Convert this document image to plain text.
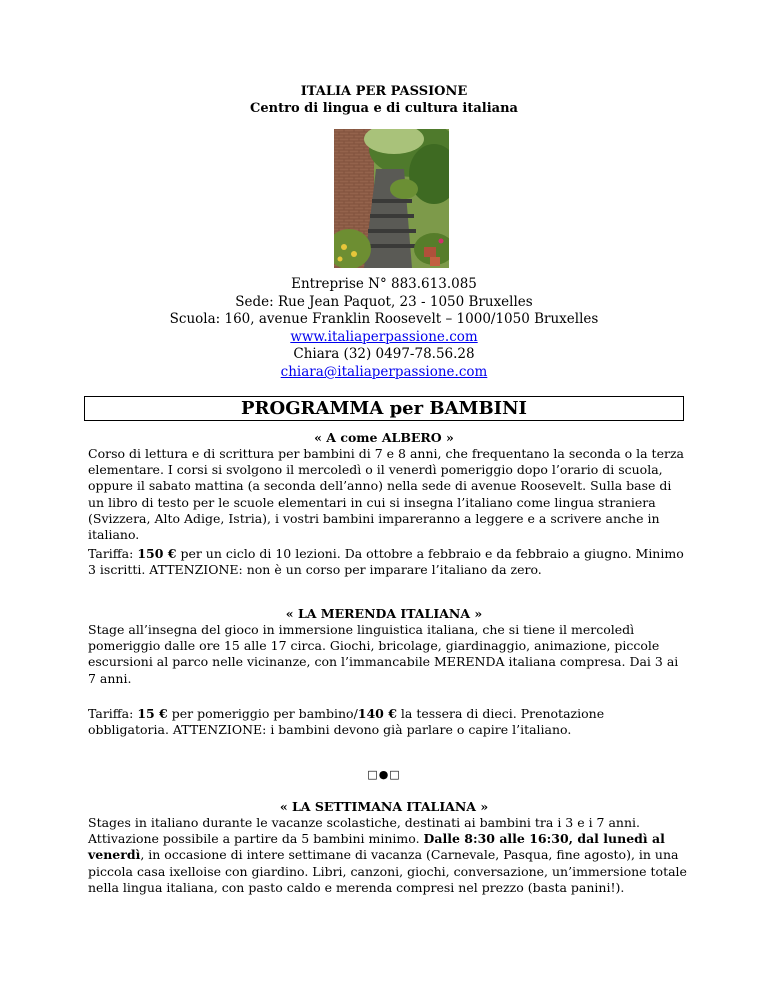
ITALIA PER PASSIONE
Centro di lingua e di cultura italiana
Entreprise N° 883.613.085
Sede: Rue Jean Paquot, 23 - 1050 Bruxelles
Scuola: 160, avenue Franklin Roosevelt – 1000/1050 Bruxelles
www.italiaperpassione.com
Chiara (32) 0497-78.56.28
chiara@italiaperpassione.com
PROGRAMMA per BAMBINI
« A come ALBERO »
Corso di lettura e di scrittura per bambini di 7 e 8 anni, che frequentano la seconda o la terza elementare. I corsi si svolgono il mercoledì o il venerdì pomeriggio dopo l’orario di scuola, oppure il sabato mattina (a seconda dell’anno) nella sede di avenue Roosevelt. Sulla base di un libro di testo per le scuole elementari in cui si insegna l’italiano come lingua straniera (Svizzera, Alto Adige, Istria), i vostri bambini impareranno a leggere e a scrivere anche in italiano.
Tariffa: 150 € per un ciclo di 10 lezioni. Da ottobre a febbraio e da febbraio a giugno. Minimo 3 iscritti. ATTENZIONE: non è un corso per imparare l’italiano da zero.
« LA MERENDA ITALIANA »
Stage all’insegna del gioco in immersione linguistica italiana, che si tiene il mercoledì pomeriggio dalle ore 15 alle 17 circa. Giochi, bricolage, giardinaggio, animazione, piccole escursioni al parco nelle vicinanze, con l’immancabile MERENDA italiana compresa. Dai 3 ai 7 anni.
Tariffa: 15 € per pomeriggio per bambino/140 € la tessera di dieci. Prenotazione obbligatoria. ATTENZIONE: i bambini devono già parlare o capire l’italiano.
□●□
« LA SETTIMANA ITALIANA »
Stages in italiano durante le vacanze scolastiche, destinati ai bambini tra i 3 e i 7 anni. Attivazione possibile a partire da 5 bambini minimo. Dalle 8:30 alle 16:30, dal lunedì al venerdì, in occasione di intere settimane di vacanza (Carnevale, Pasqua, fine agosto), in una piccola casa ixelloise con giardino. Libri, canzoni, giochi, conversazione, un’immersione totale nella lingua italiana, con pasto caldo e merenda compresi nel prezzo (basta panini!).
